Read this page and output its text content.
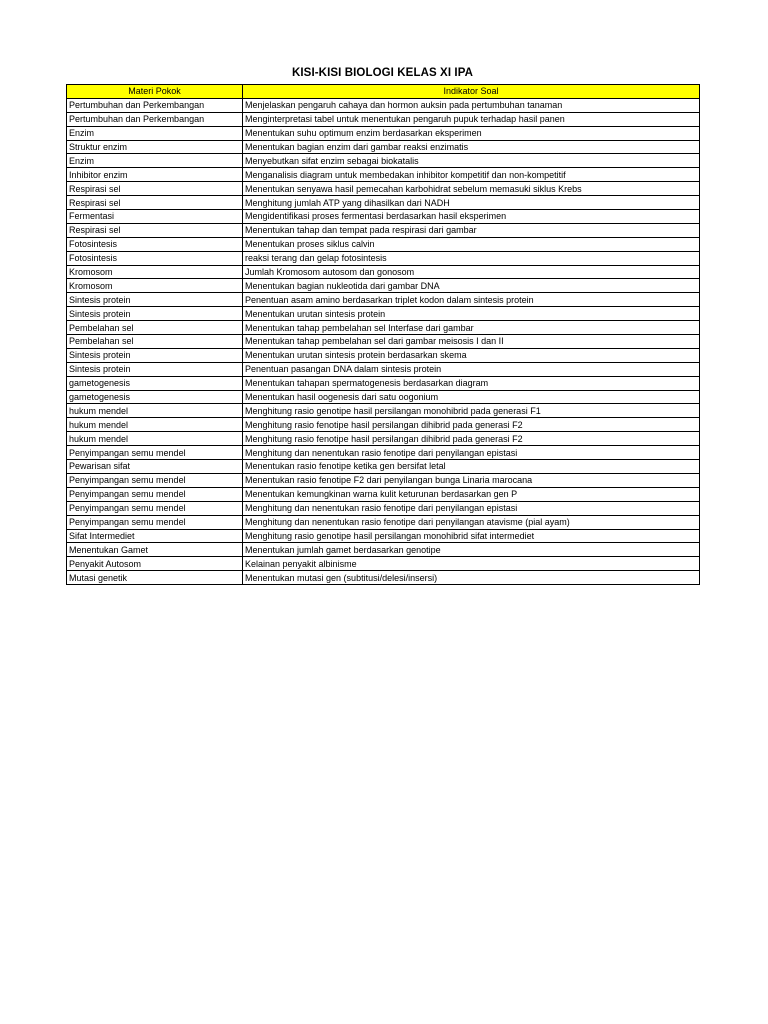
KISI-KISI BIOLOGI KELAS XI IPA
Materi Pokok	Indikator Soal
Pertumbuhan dan Perkembangan	Menjelaskan pengaruh cahaya dan hormon auksin pada pertumbuhan tanaman
Pertumbuhan dan Perkembangan	Menginterpretasi tabel untuk menentukan pengaruh pupuk terhadap hasil panen
Enzim	Menentukan suhu optimum enzim berdasarkan eksperimen
Struktur enzim	Menentukan bagian enzim dari gambar reaksi enzimatis
Enzim	Menyebutkan sifat enzim sebagai biokatalis
Inhibitor enzim	Menganalisis diagram untuk membedakan inhibitor kompetitif dan non-kompetitif
Respirasi sel	Menentukan senyawa hasil pemecahan karbohidrat sebelum memasuki siklus Krebs
Respirasi sel	Menghitung jumlah ATP yang dihasilkan dari NADH
Fermentasi	Mengidentifikasi proses fermentasi berdasarkan hasil eksperimen
Respirasi sel	Menentukan tahap dan tempat pada respirasi dari gambar
Fotosintesis	Menentukan proses siklus calvin
Fotosintesis	reaksi terang dan gelap fotosintesis
Kromosom	Jumlah Kromosom autosom dan gonosom
Kromosom	Menentukan bagian nukleotida dari gambar DNA
Sintesis protein	Penentuan asam amino berdasarkan triplet kodon dalam sintesis protein
Sintesis protein	Menentukan urutan sintesis protein
Pembelahan sel	Menentukan tahap pembelahan sel Interfase dari gambar
Pembelahan sel	Menentukan tahap pembelahan sel dari gambar meisosis I dan II
Sintesis protein	Menentukan urutan sintesis protein berdasarkan skema
Sintesis protein	Penentuan pasangan DNA dalam sintesis protein
gametogenesis	Menentukan tahapan spermatogenesis berdasarkan diagram
gametogenesis	Menentukan hasil oogenesis dari satu oogonium
hukum mendel	Menghitung rasio genotipe hasil persilangan monohibrid pada generasi F1
hukum mendel	Menghitung rasio fenotipe hasil persilangan dihibrid pada generasi F2
hukum mendel	Menghitung rasio fenotipe hasil persilangan dihibrid pada generasi F2
Penyimpangan semu mendel	Menghitung dan nenentukan rasio fenotipe dari penyilangan epistasi
Pewarisan sifat	Menentukan rasio fenotipe ketika gen bersifat letal
Penyimpangan semu mendel	Menentukan rasio fenotipe F2 dari penyilangan bunga Linaria marocana
Penyimpangan semu mendel	Menentukan kemungkinan warna kulit keturunan berdasarkan gen P
Penyimpangan semu mendel	Menghitung dan nenentukan rasio fenotipe dari penyilangan epistasi
Penyimpangan semu mendel	Menghitung dan nenentukan rasio fenotipe dari penyilangan atavisme (pial ayam)
Sifat Intermediet	Menghitung rasio genotipe hasil persilangan monohibrid sifat intermediet
Menentukan Gamet	Menentukan jumlah gamet berdasarkan genotipe
Penyakit Autosom	Kelainan penyakit albinisme
Mutasi genetik	Menentukan mutasi gen (subtitusi/delesi/insersi)
